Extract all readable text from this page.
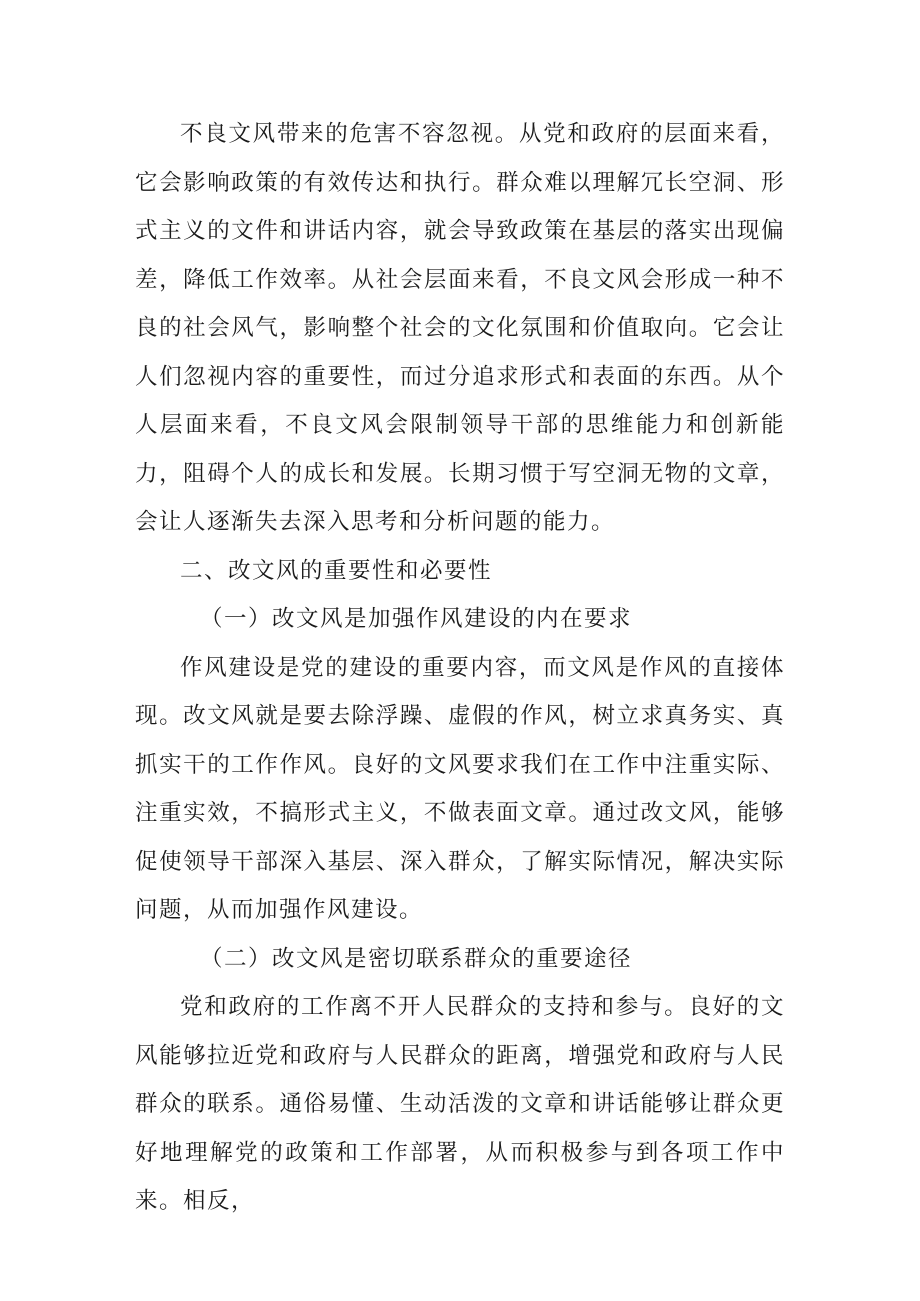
不良文风带来的危害不容忽视。从党和政府的层面来看，它会影响政策的有效传达和执行。群众难以理解冗长空洞、形式主义的文件和讲话内容，就会导致政策在基层的落实出现偏差，降低工作效率。从社会层面来看，不良文风会形成一种不良的社会风气，影响整个社会的文化氛围和价值取向。它会让人们忽视内容的重要性，而过分追求形式和表面的东西。从个人层面来看，不良文风会限制领导干部的思维能力和创新能力，阻碍个人的成长和发展。长期习惯于写空洞无物的文章，会让人逐渐失去深入思考和分析问题的能力。

二、改文风的重要性和必要性

（一）改文风是加强作风建设的内在要求

作风建设是党的建设的重要内容，而文风是作风的直接体现。改文风就是要去除浮躁、虚假的作风，树立求真务实、真抓实干的工作作风。良好的文风要求我们在工作中注重实际、注重实效，不搞形式主义，不做表面文章。通过改文风，能够促使领导干部深入基层、深入群众，了解实际情况，解决实际问题，从而加强作风建设。

（二）改文风是密切联系群众的重要途径

党和政府的工作离不开人民群众的支持和参与。良好的文风能够拉近党和政府与人民群众的距离，增强党和政府与人民群众的联系。通俗易懂、生动活泼的文章和讲话能够让群众更好地理解党的政策和工作部署，从而积极参与到各项工作中来。相反，
